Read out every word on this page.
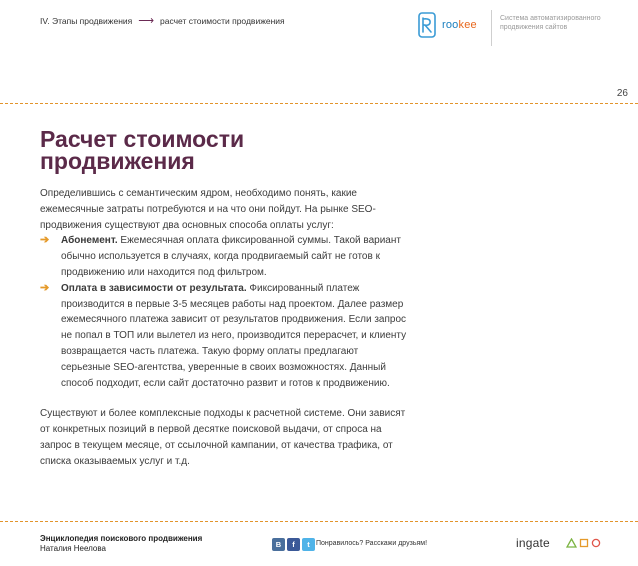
IV. Этапы продвижения ⟶ расчет стоимости продвижения	rookee
Система автоматизированного продвижения сайтов
26
Расчет стоимости продвижения

Определившись с семантическим ядром, необходимо понять, какие ежемесячные затраты потребуются и на что они пойдут. На рынке SEO-продвижения существуют два основных способа оплаты услуг:

➔ Абонемент. Ежемесячная оплата фиксированной суммы. Такой вариант обычно используется в случаях, когда продвигаемый сайт не готов к продвижению или находится под фильтром.
➔ Оплата в зависимости от результата. Фиксированный платеж производится в первые 3-5 месяцев работы над проектом. Далее размер ежемесячного платежа зависит от результатов продвижения. Если запрос не попал в ТОП или вылетел из него, производится перерасчет, и клиенту возвращается часть платежа. Такую форму оплаты предлагают серьезные SEO-агентства, уверенные в своих возможностях. Данный способ подходит, если сайт достаточно развит и готов к продвижению.

Существуют и более комплексные подходы к расчетной системе. Они зависят от конкретных позиций в первой десятке поисковой выдачи, от спроса на запрос в текущем месяце, от ссылочной кампании, от качества трафика, от списка оказываемых услуг и т.д.

Энциклопедия поискового продвижения
Наталия Неелова	B	f	t Понравилось? Расскажи друзьям!	ingate
